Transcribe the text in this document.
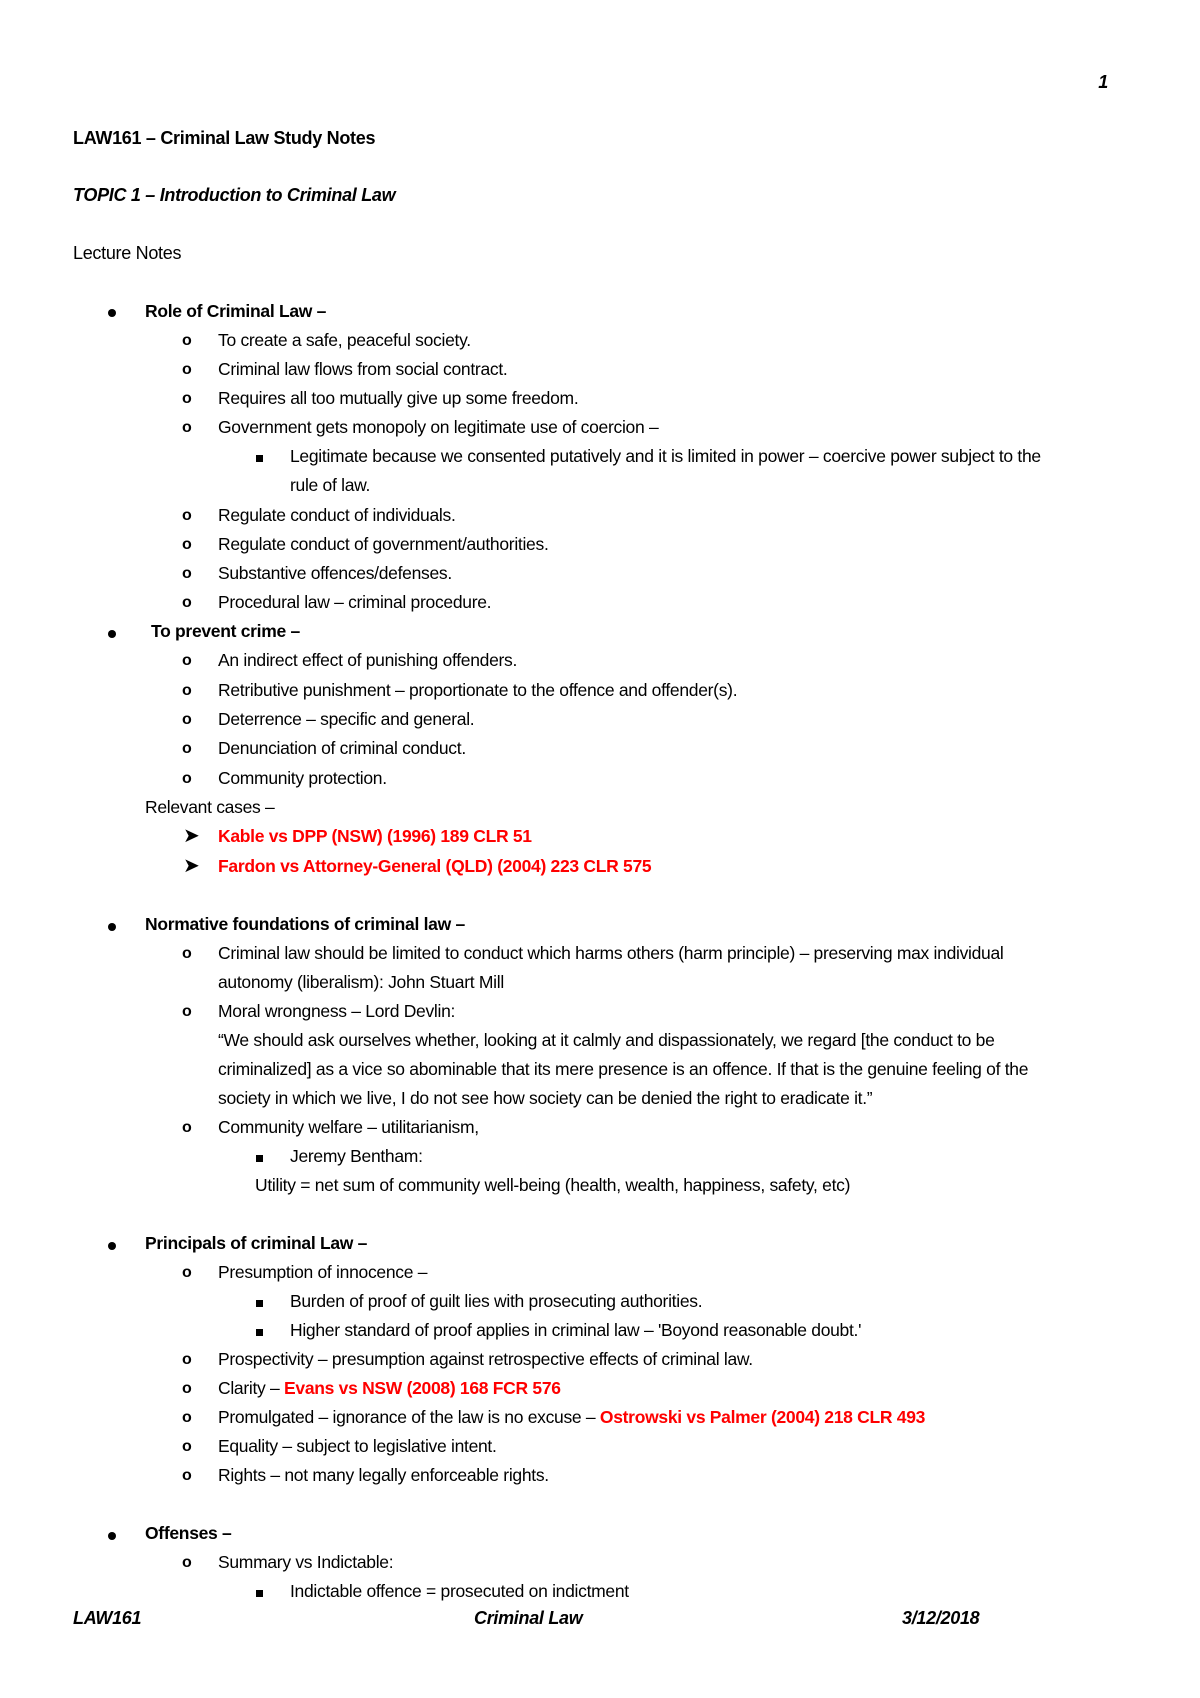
1
LAW161 – Criminal Law Study Notes
TOPIC 1 – Introduction to Criminal Law
Lecture Notes
Role of Criminal Law –
o To create a safe, peaceful society.
o Criminal law flows from social contract.
o Requires all too mutually give up some freedom.
o Government gets monopoly on legitimate use of coercion –
Legitimate because we consented putatively and it is limited in power – coercive power subject to the
rule of law.
o Regulate conduct of individuals.
o Regulate conduct of government/authorities.
o Substantive offences/defenses.
o Procedural law – criminal procedure.
To prevent crime –
o An indirect effect of punishing offenders.
o Retributive punishment – proportionate to the offence and offender(s).
o Deterrence – specific and general.
o Denunciation of criminal conduct.
o Community protection.
Relevant cases –
➤ Kable vs DPP (NSW) (1996) 189 CLR 51
➤ Fardon vs Attorney-General (QLD) (2004) 223 CLR 575
Normative foundations of criminal law –
o Criminal law should be limited to conduct which harms others (harm principle) – preserving max individual
autonomy (liberalism): John Stuart Mill
o Moral wrongness – Lord Devlin:
“We should ask ourselves whether, looking at it calmly and dispassionately, we regard [the conduct to be
criminalized] as a vice so abominable that its mere presence is an offence. If that is the genuine feeling of the
society in which we live, I do not see how society can be denied the right to eradicate it.”
o Community welfare – utilitarianism,
Jeremy Bentham:
Utility = net sum of community well-being (health, wealth, happiness, safety, etc)
Principals of criminal Law –
o Presumption of innocence –
Burden of proof of guilt lies with prosecuting authorities.
Higher standard of proof applies in criminal law – 'Boyond reasonable doubt.'
o Prospectivity – presumption against retrospective effects of criminal law.
o Clarity – Evans vs NSW (2008) 168 FCR 576
o Promulgated – ignorance of the law is no excuse – Ostrowski vs Palmer (2004) 218 CLR 493
o Equality – subject to legislative intent.
o Rights – not many legally enforceable rights.
Offenses –
o Summary vs Indictable:
Indictable offence = prosecuted on indictment
LAW161	Criminal Law	3/12/2018
